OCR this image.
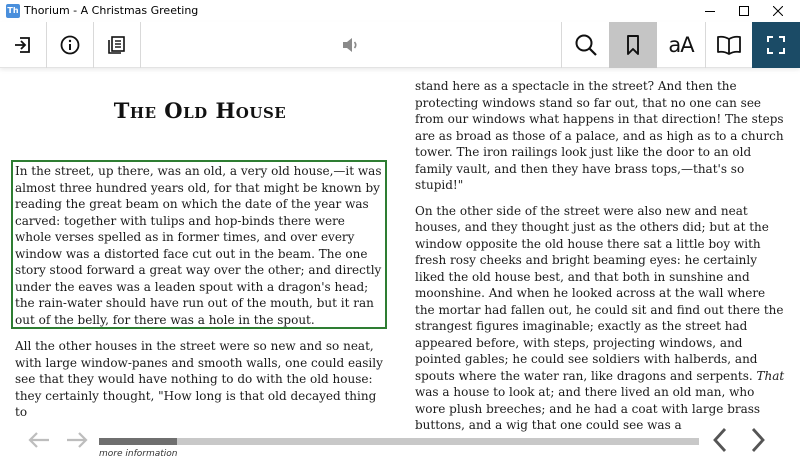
Th Thorium - A Christmas Greeting
aA
The Old House

In the street, up there, was an old, a very old house,—it was almost three hundred years old, for that might be known by reading the great beam on which the date of the year was carved: together with tulips and hop-binds there were whole verses spelled as in former times, and over every window was a distorted face cut out in the beam. The one story stood forward a great way over the other; and directly under the eaves was a leaden spout with a dragon's head; the rain-water should have run out of the mouth, but it ran out of the belly, for there was a hole in the spout.

All the other houses in the street were so new and so neat, with large window-panes and smooth walls, one could easily see that they would have nothing to do with the old house: they certainly thought, "How long is that old decayed thing to

stand here as a spectacle in the street? And then the protecting windows stand so far out, that no one can see from our windows what happens in that direction! The steps are as broad as those of a palace, and as high as to a church tower. The iron railings look just like the door to an old family vault, and then they have brass tops,—that's so stupid!"

On the other side of the street were also new and neat houses, and they thought just as the others did; but at the window opposite the old house there sat a little boy with fresh rosy cheeks and bright beaming eyes: he certainly liked the old house best, and that both in sunshine and moonshine. And when he looked across at the wall where the mortar had fallen out, he could sit and find out there the strangest figures imaginable; exactly as the street had appeared before, with steps, projecting windows, and pointed gables; he could see soldiers with halberds, and spouts where the water ran, like dragons and serpents. That was a house to look at; and there lived an old man, who wore plush breeches; and he had a coat with large brass buttons, and a wig that one could see was a

more information
